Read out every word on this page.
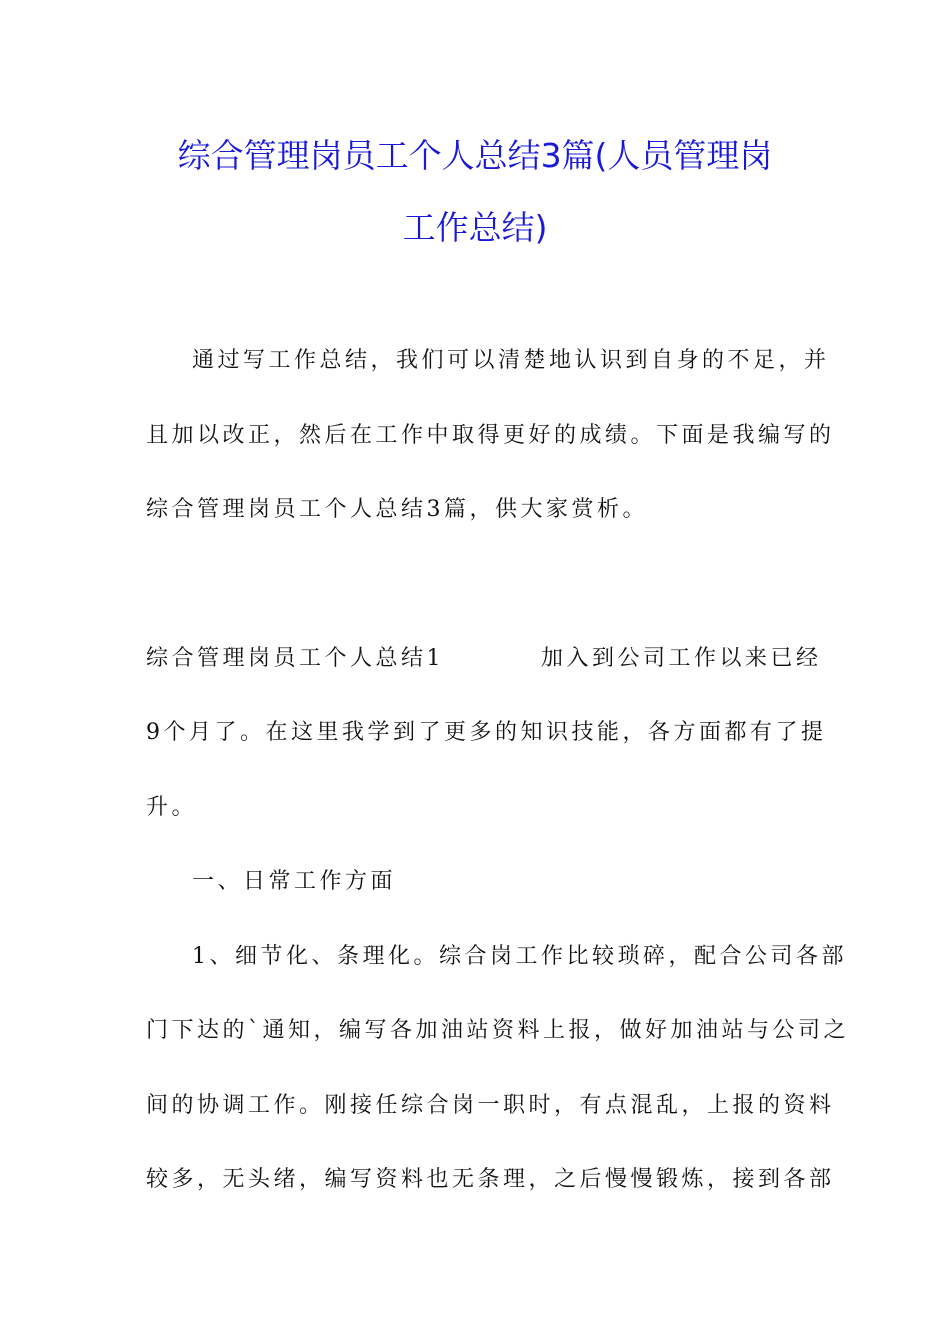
综合管理岗员工个人总结3篇(人员管理岗
工作总结)
通过写工作总结，我们可以清楚地认识到自身的不足，并
且加以改正，然后在工作中取得更好的成绩。下面是我编写的
综合管理岗员工个人总结3篇，供大家赏析。
综合管理岗员工个人总结1	加入到公司工作以来已经
9个月了。在这里我学到了更多的知识技能，各方面都有了提
升。
一、日常工作方面
1、细节化、条理化。综合岗工作比较琐碎，配合公司各部
门下达的`通知，编写各加油站资料上报，做好加油站与公司之
间的协调工作。刚接任综合岗一职时，有点混乱，上报的资料
较多，无头绪，编写资料也无条理，之后慢慢锻炼，接到各部
